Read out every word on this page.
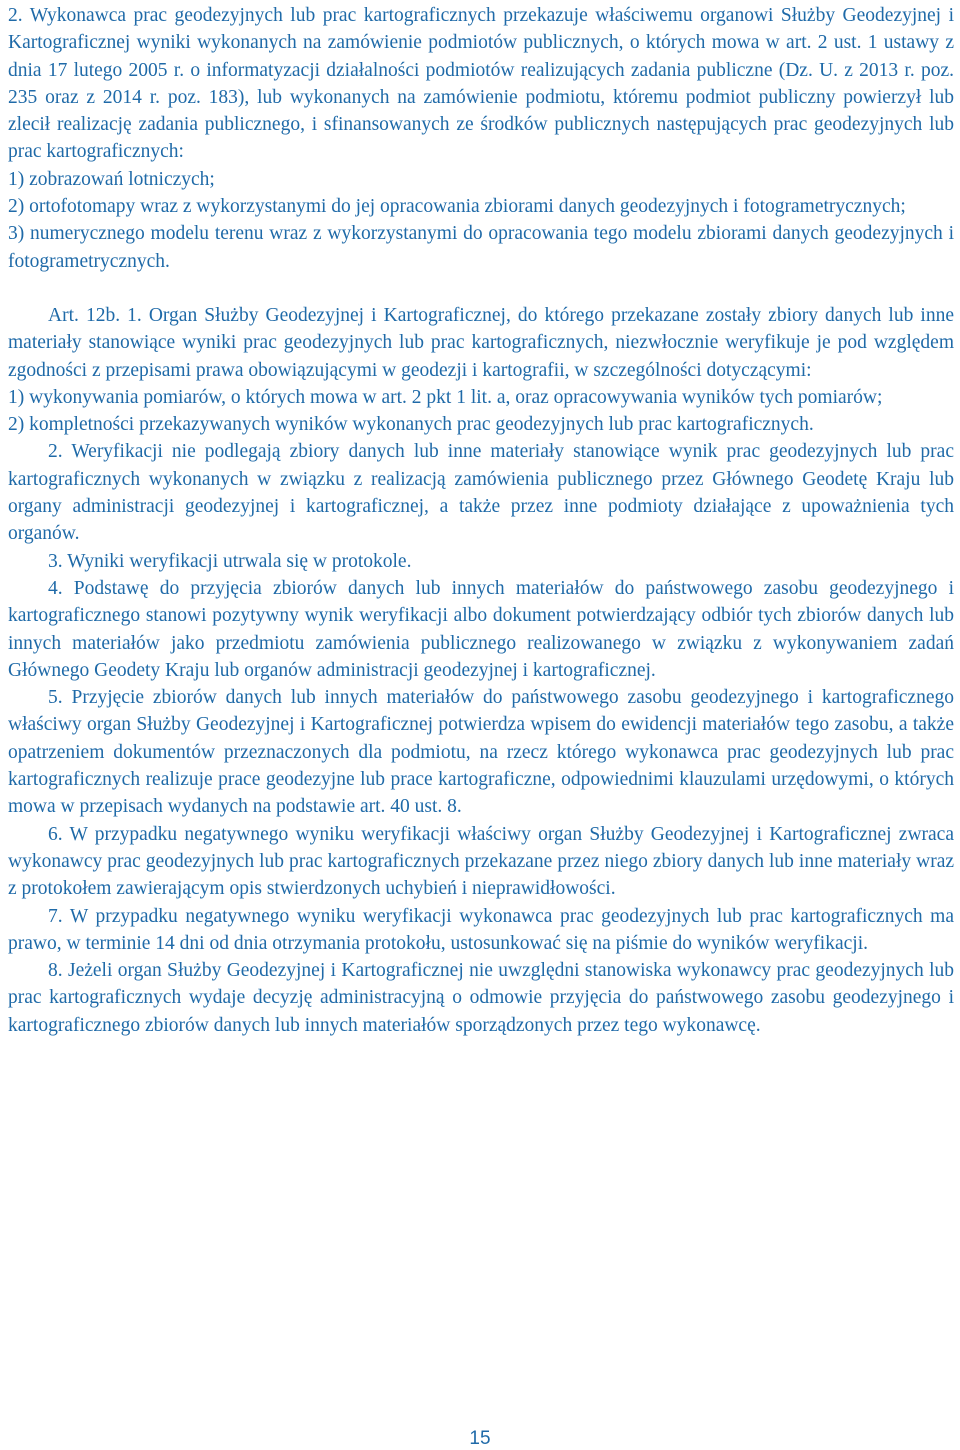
2. Wykonawca prac geodezyjnych lub prac kartograficznych przekazuje właściwemu organowi Służby Geodezyjnej i Kartograficznej wyniki wykonanych na zamówienie podmiotów publicznych, o których mowa w art. 2 ust. 1 ustawy z dnia 17 lutego 2005 r. o informatyzacji działalności podmiotów realizujących zadania publiczne (Dz. U. z 2013 r. poz. 235 oraz z 2014 r. poz. 183), lub wykonanych na zamówienie podmiotu, któremu podmiot publiczny powierzył lub zlecił realizację zadania publicznego, i sfinansowanych ze środków publicznych następujących prac geodezyjnych lub prac kartograficznych:

1) zobrazowań lotniczych;

2) ortofotomapy wraz z wykorzystanymi do jej opracowania zbiorami danych geodezyjnych i fotogrametrycznych;

3) numerycznego modelu terenu wraz z wykorzystanymi do opracowania tego modelu zbiorami danych geodezyjnych i fotogrametrycznych.

Art. 12b. 1. Organ Służby Geodezyjnej i Kartograficznej, do którego przekazane zostały zbiory danych lub inne materiały stanowiące wyniki prac geodezyjnych lub prac kartograficznych, niezwłocznie weryfikuje je pod względem zgodności z przepisami prawa obowiązującymi w geodezji i kartografii, w szczególności dotyczącymi:

1) wykonywania pomiarów, o których mowa w art. 2 pkt 1 lit. a, oraz opracowywania wyników tych pomiarów;

2) kompletności przekazywanych wyników wykonanych prac geodezyjnych lub prac kartograficznych.

2. Weryfikacji nie podlegają zbiory danych lub inne materiały stanowiące wynik prac geodezyjnych lub prac kartograficznych wykonanych w związku z realizacją zamówienia publicznego przez Głównego Geodetę Kraju lub organy administracji geodezyjnej i kartograficznej, a także przez inne podmioty działające z upoważnienia tych organów.

3. Wyniki weryfikacji utrwala się w protokole.

4. Podstawę do przyjęcia zbiorów danych lub innych materiałów do państwowego zasobu geodezyjnego i kartograficznego stanowi pozytywny wynik weryfikacji albo dokument potwierdzający odbiór tych zbiorów danych lub innych materiałów jako przedmiotu zamówienia publicznego realizowanego w związku z wykonywaniem zadań Głównego Geodety Kraju lub organów administracji geodezyjnej i kartograficznej.

5. Przyjęcie zbiorów danych lub innych materiałów do państwowego zasobu geodezyjnego i kartograficznego właściwy organ Służby Geodezyjnej i Kartograficznej potwierdza wpisem do ewidencji materiałów tego zasobu, a także opatrzeniem dokumentów przeznaczonych dla podmiotu, na rzecz którego wykonawca prac geodezyjnych lub prac kartograficznych realizuje prace geodezyjne lub prace kartograficzne, odpowiednimi klauzulami urzędowymi, o których mowa w przepisach wydanych na podstawie art. 40 ust. 8.

6. W przypadku negatywnego wyniku weryfikacji właściwy organ Służby Geodezyjnej i Kartograficznej zwraca wykonawcy prac geodezyjnych lub prac kartograficznych przekazane przez niego zbiory danych lub inne materiały wraz z protokołem zawierającym opis stwierdzonych uchybień i nieprawidłowości.

7. W przypadku negatywnego wyniku weryfikacji wykonawca prac geodezyjnych lub prac kartograficznych ma prawo, w terminie 14 dni od dnia otrzymania protokołu, ustosunkować się na piśmie do wyników weryfikacji.

8. Jeżeli organ Służby Geodezyjnej i Kartograficznej nie uwzględni stanowiska wykonawcy prac geodezyjnych lub prac kartograficznych wydaje decyzję administracyjną o odmowie przyjęcia do państwowego zasobu geodezyjnego i kartograficznego zbiorów danych lub innych materiałów sporządzonych przez tego wykonawcę.

15
